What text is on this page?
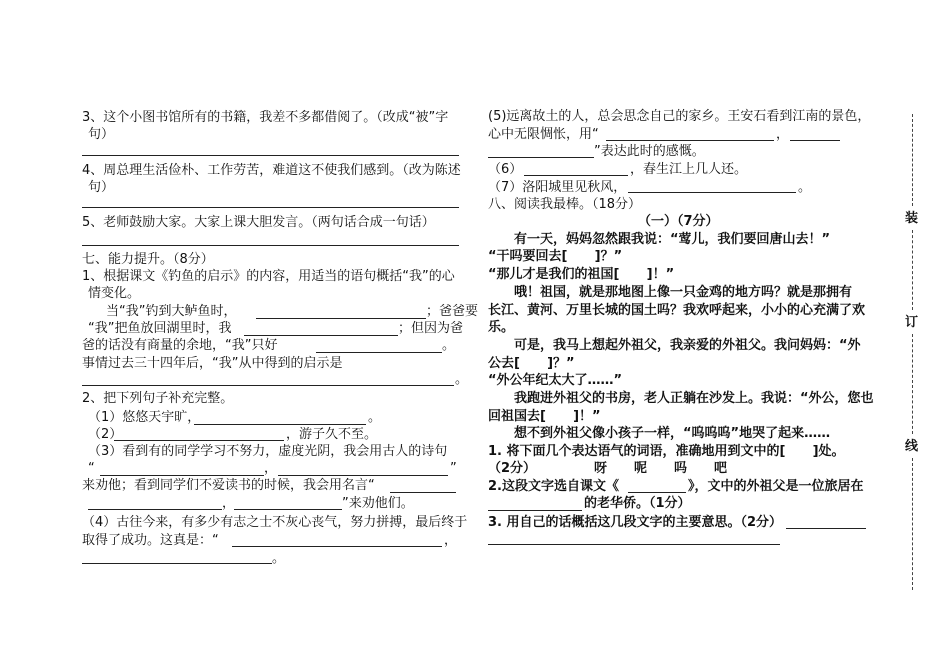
3、这个小图书馆所有的书籍，我差不多都借阅了。（改成“被”字
句）
4、周总理生活俭朴、工作劳苦，难道这不使我们感到。（改为陈述
句）
5、老师鼓励大家。大家上课大胆发言。（两句话合成一句话）
七、能力提升。（8分）
1、根据课文《钓鱼的启示》的内容，用适当的语句概括“我”的心
情变化。
当“我”钓到大鲈鱼时，	；爸爸要
“我”把鱼放回湖里时，我	；但因为爸
爸的话没有商量的余地，“我”只好	。
事情过去三十四年后，“我”从中得到的启示是
。
2、把下列句子补充完整。
（1）悠悠天宇旷，	。
（2）	，游子久不至。
（3）看到有的同学学习不努力，虚度光阴，我会用古人的诗句
“	，	”
来劝他；看到同学们不爱读书的时候，我会用名言“
，	”来劝他们。
（4）古往今来，有多少有志之士不灰心丧气，努力拼搏，最后终于
取得了成功。这真是：“	，
。
(5)远离故土的人，总会思念自己的家乡。王安石看到江南的景色，
心中无限惆怅，用“	，
”表达此时的感慨。
（6）	，春生江上几人还。
（7）洛阳城里见秋风，	。
八、阅读我最棒。（18分）
（一）（7分）
有一天，妈妈忽然跟我说：“莺儿，我们要回唐山去！”
“干吗要回去[      ]？”
“那儿才是我们的祖国[      ]！”
哦！祖国，就是那地图上像一只金鸡的地方吗？就是那拥有
长江、黄河、万里长城的国土吗？我欢呼起来，小小的心充满了欢
乐。
可是，我马上想起外祖父，我亲爱的外祖父。我问妈妈：“外
公去[      ]？”
“外公年纪太大了……”
我跑进外祖父的书房，老人正躺在沙发上。我说：“外公，您也
回祖国去[      ]！”
想不到外祖父像小孩子一样，“呜呜呜”地哭了起来……
1. 将下面几个表达语气的词语，准确地用到文中的[      ]处。
（2分）	呀 呢 吗 吧
2.这段文字选自课文《	》，文中的外祖父是一位旅居在
的老华侨。（1分）
3. 用自己的话概括这几段文字的主要意思。（2分）
装
订
线
